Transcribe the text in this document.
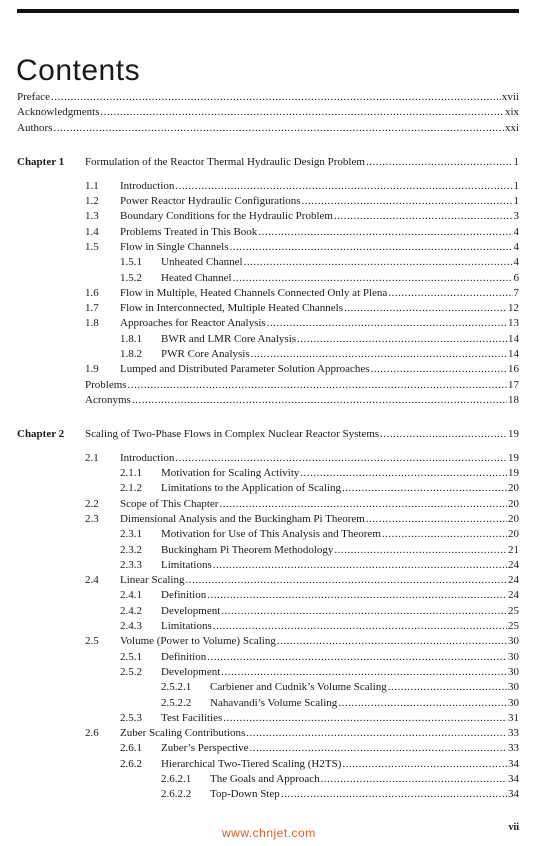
Contents
Preface .....	xvii
Acknowledgments .....	xix
Authors .....	xxi
Chapter 1 Formulation of the Reactor Thermal Hydraulic Design Problem .....	1
1.1 Introduction .....	1
1.2 Power Reactor Hydraulic Configurations .....	1
1.3 Boundary Conditions for the Hydraulic Problem .....	3
1.4 Problems Treated in This Book .....	4
1.5 Flow in Single Channels .....	4
1.5.1 Unheated Channel .....	4
1.5.2 Heated Channel .....	6
1.6 Flow in Multiple, Heated Channels Connected Only at Plena .....	7
1.7 Flow in Interconnected, Multiple Heated Channels .....	12
1.8 Approaches for Reactor Analysis .....	13
1.8.1 BWR and LMR Core Analysis .....	14
1.8.2 PWR Core Analysis .....	14
1.9 Lumped and Distributed Parameter Solution Approaches .....	16
Problems .....	17
Acronyms .....	18
Chapter 2 Scaling of Two-Phase Flows in Complex Nuclear Reactor Systems .....	19
2.1 Introduction .....	19
2.1.1 Motivation for Scaling Activity .....	19
2.1.2 Limitations to the Application of Scaling .....	20
2.2 Scope of This Chapter .....	20
2.3 Dimensional Analysis and the Buckingham Pi Theorem .....	20
2.3.1 Motivation for Use of This Analysis and Theorem .....	20
2.3.2 Buckingham Pi Theorem Methodology .....	21
2.3.3 Limitations .....	24
2.4 Linear Scaling .....	24
2.4.1 Definition .....	24
2.4.2 Development .....	25
2.4.3 Limitations .....	25
2.5 Volume (Power to Volume) Scaling .....	30
2.5.1 Definition .....	30
2.5.2 Development .....	30
2.5.2.1 Carbiener and Cudnik’s Volume Scaling .....	30
2.5.2.2 Nahavandi’s Volume Scaling .....	30
2.5.3 Test Facilities .....	31
2.6 Zuber Scaling Contributions .....	33
2.6.1 Zuber’s Perspective .....	33
2.6.2 Hierarchical Two-Tiered Scaling (H2TS) .....	34
2.6.2.1 The Goals and Approach .....	34
2.6.2.2 Top-Down Step .....	34
vii
www.chnjet.com
